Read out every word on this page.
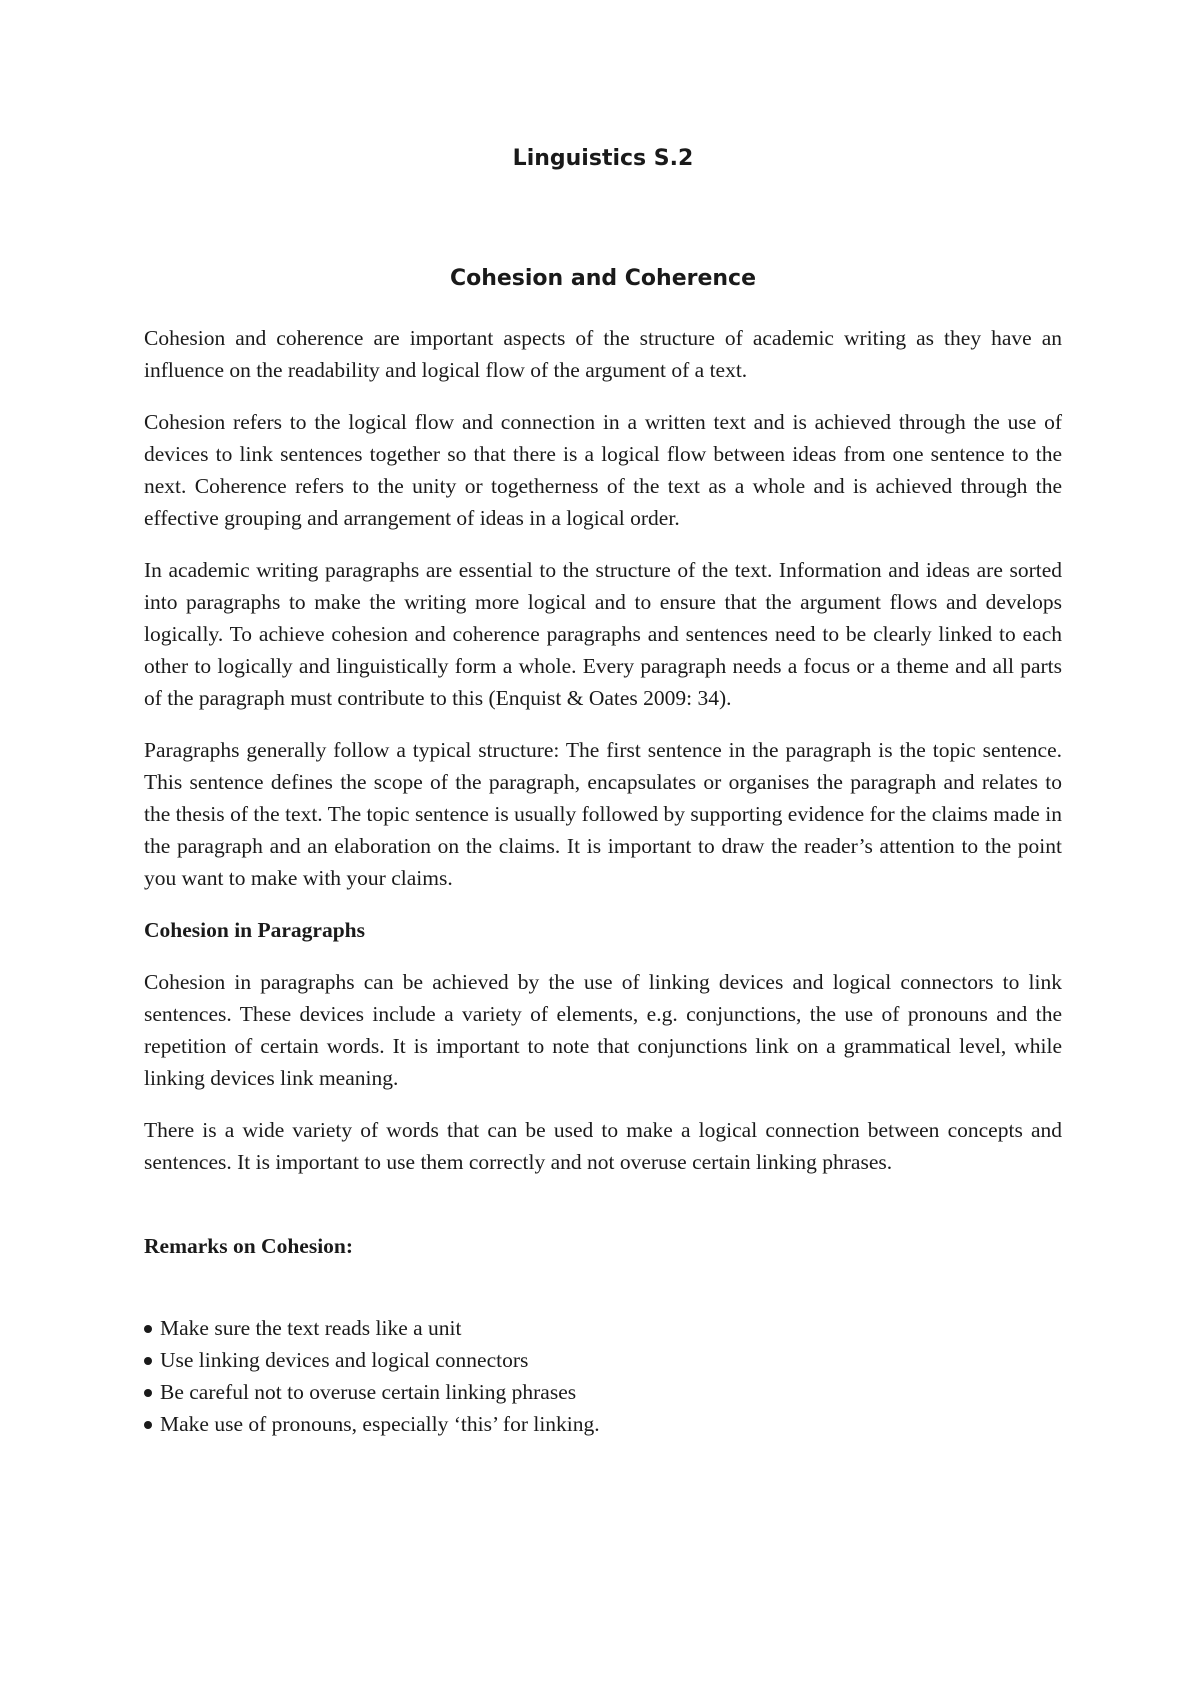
Linguistics S.2
Cohesion and Coherence

Cohesion and coherence are important aspects of the structure of academic writing as they have an influence on the readability and logical flow of the argument of a text.

Cohesion refers to the logical flow and connection in a written text and is achieved through the use of devices to link sentences together so that there is a logical flow between ideas from one sentence to the next. Coherence refers to the unity or togetherness of the text as a whole and is achieved through the effective grouping and arrangement of ideas in a logical order.

In academic writing paragraphs are essential to the structure of the text. Information and ideas are sorted into paragraphs to make the writing more logical and to ensure that the argument flows and develops logically. To achieve cohesion and coherence paragraphs and sentences need to be clearly linked to each other to logically and linguistically form a whole. Every paragraph needs a focus or a theme and all parts of the paragraph must contribute to this (Enquist & Oates 2009: 34).

Paragraphs generally follow a typical structure: The first sentence in the paragraph is the topic sentence. This sentence defines the scope of the paragraph, encapsulates or organises the paragraph and relates to the thesis of the text. The topic sentence is usually followed by supporting evidence for the claims made in the paragraph and an elaboration on the claims. It is important to draw the reader’s attention to the point you want to make with your claims.

Cohesion in Paragraphs

Cohesion in paragraphs can be achieved by the use of linking devices and logical connectors to link sentences. These devices include a variety of elements, e.g. conjunctions, the use of pronouns and the repetition of certain words. It is important to note that conjunctions link on a grammatical level, while linking devices link meaning.

There is a wide variety of words that can be used to make a logical connection between concepts and sentences. It is important to use them correctly and not overuse certain linking phrases.

Remarks on Cohesion:
Make sure the text reads like a unit
Use linking devices and logical connectors
Be careful not to overuse certain linking phrases
Make use of pronouns, especially ‘this’ for linking.
